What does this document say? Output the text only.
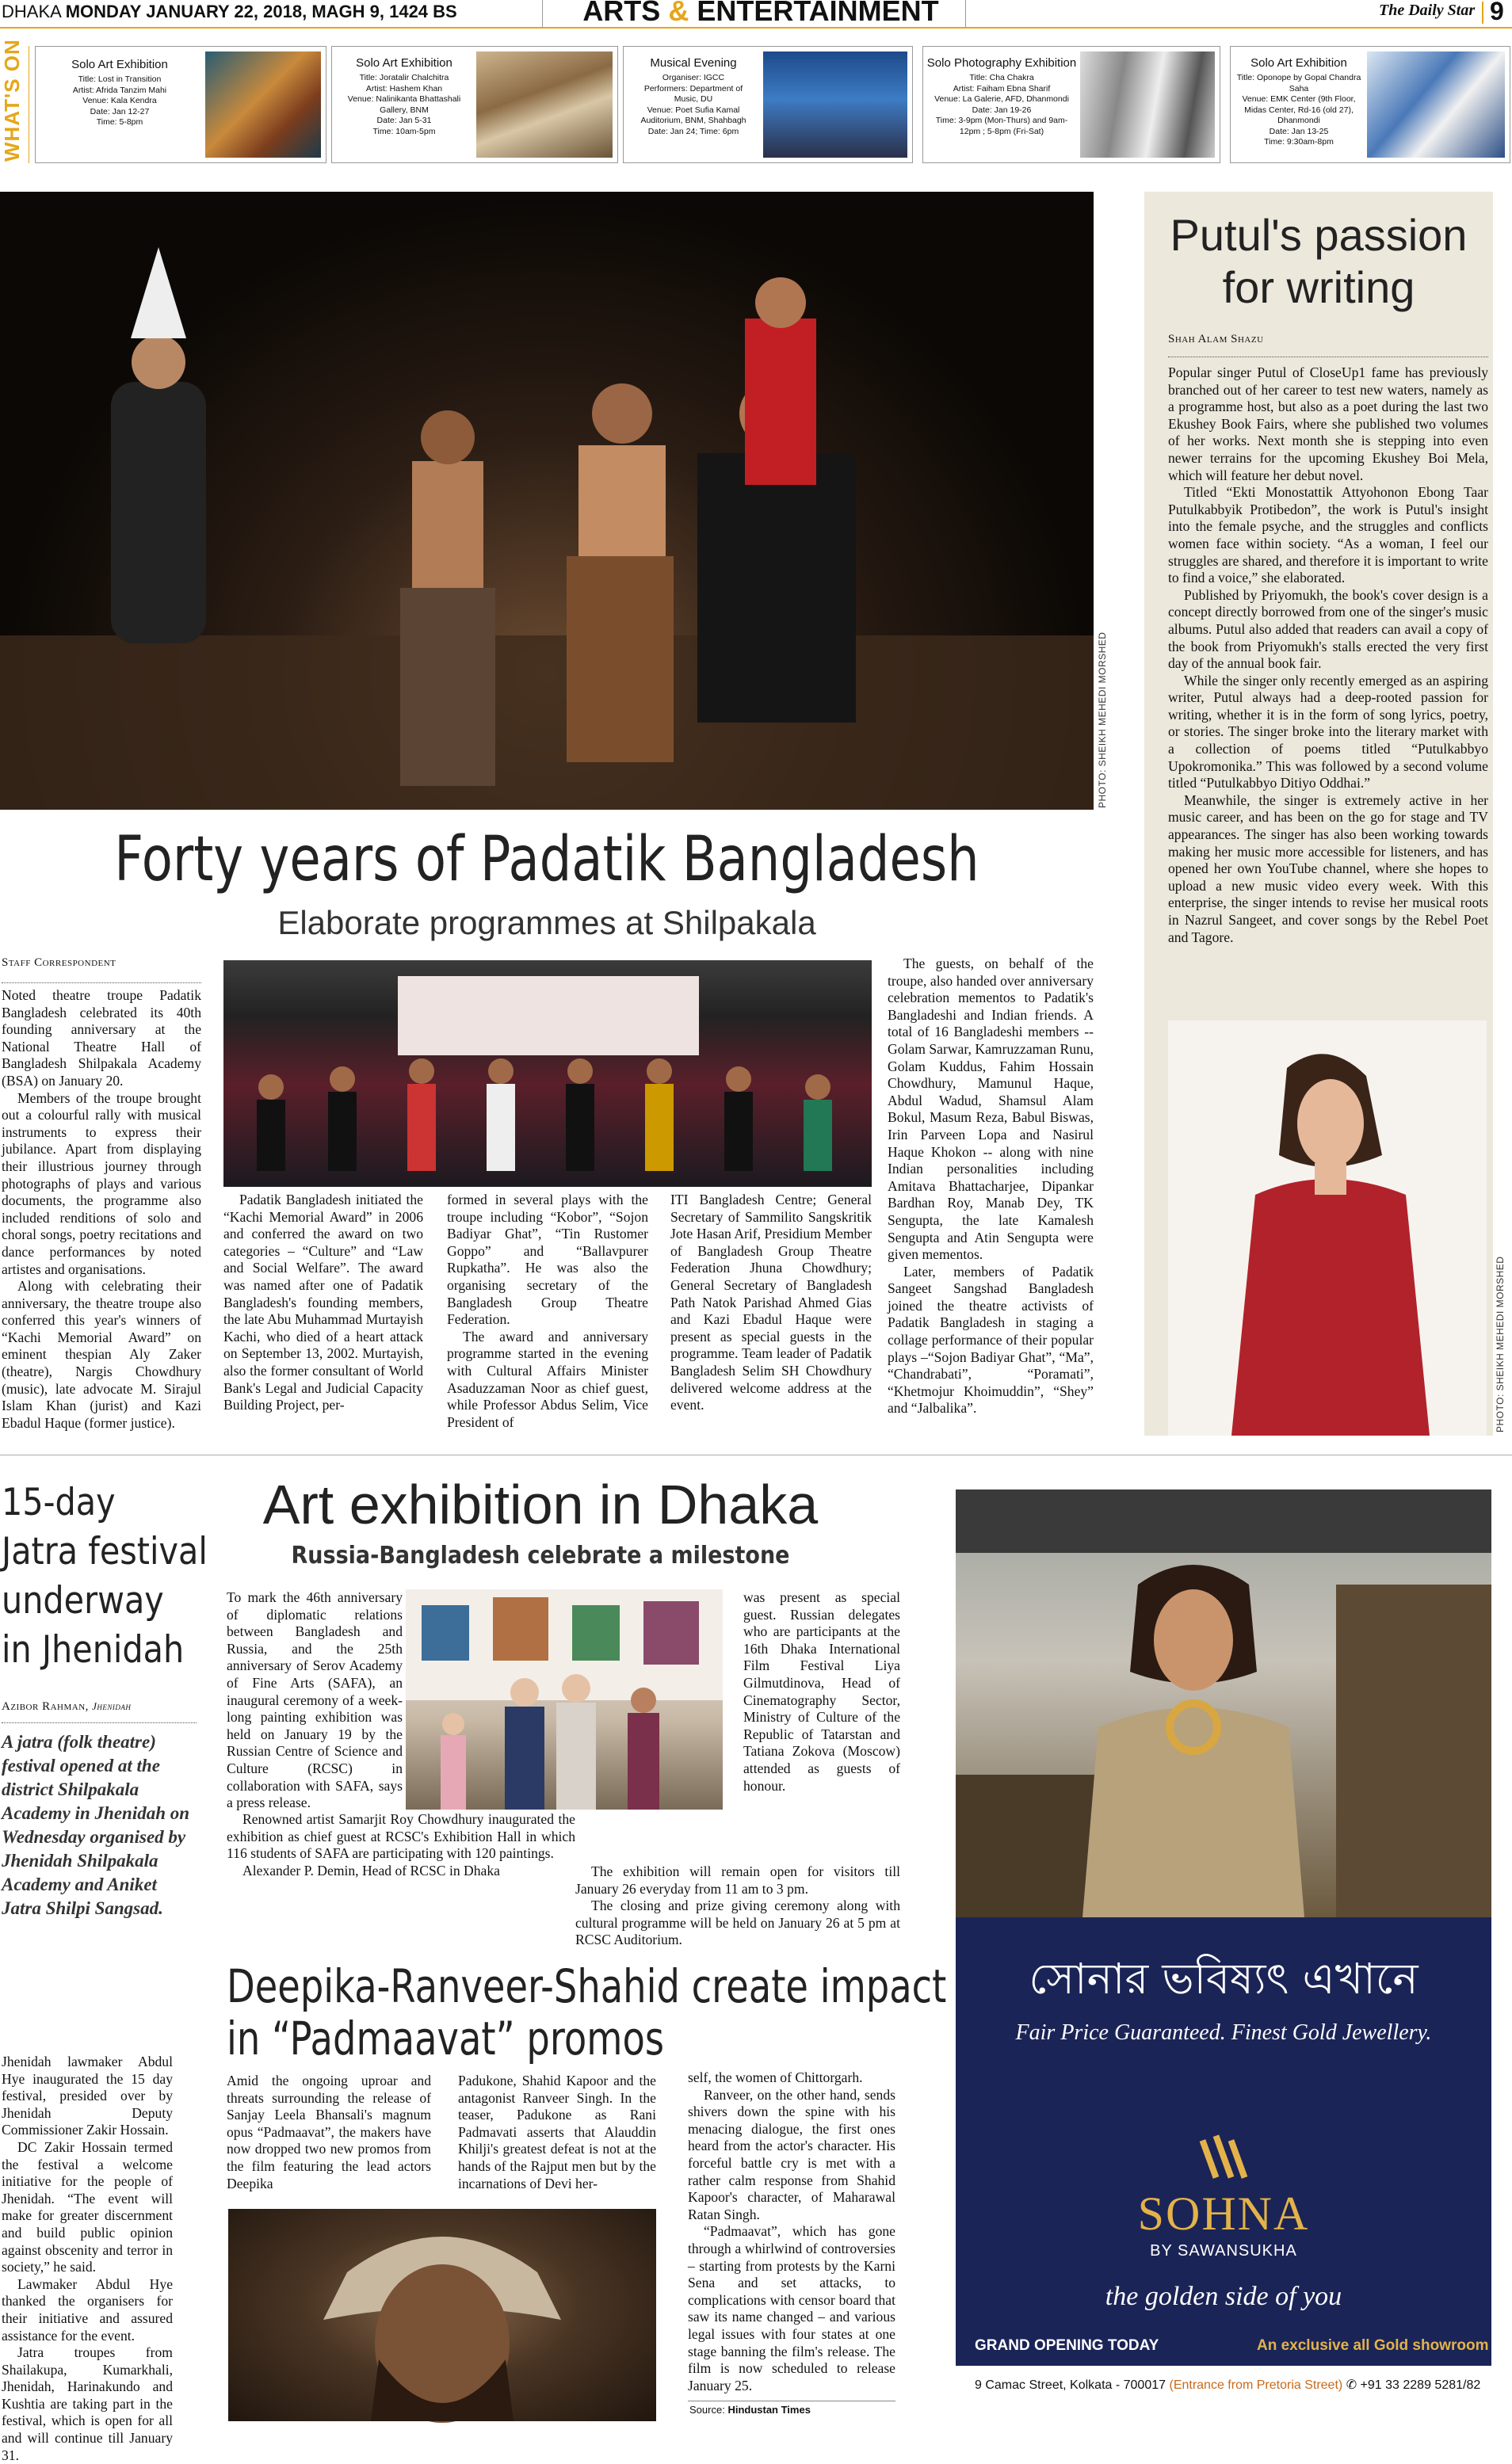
DHAKA MONDAY JANUARY 22, 2018, MAGH 9, 1424 BS	ARTS & ENTERTAINMENT	The Daily Star 9
WHAT'S ON	Solo Art Exhibition
Title: Lost in Transition
Artist: Afrida Tanzim Mahi
Venue: Kala Kendra
Date: Jan 12-27
Time: 5-8pm
Solo Art Exhibition
Title: Joratalir Chalchitra
Artist: Hashem Khan
Venue: Nalinikanta Bhattashali
Gallery, BNM
Date: Jan 5-31
Time: 10am-5pm
Musical Evening
Organiser: IGCC
Performers: Department of
Music, DU
Venue: Poet Sufia Kamal
Auditorium, BNM, Shahbagh
Date: Jan 24; Time: 6pm
Solo Photography Exhibition
Title: Cha Chakra
Artist: Faiham Ebna Sharif
Venue: La Galerie, AFD, Dhanmondi
Date: Jan 19-26
Time: 3-9pm (Mon-Thurs) and 9am-
12pm ; 5-8pm (Fri-Sat)
Solo Art Exhibition
Title: Oponope by Gopal Chandra Saha
Venue: EMK Center (9th Floor,
Midas Center, Rd-16 (old 27),
Dhanmondi
Date: Jan 13-25
Time: 9:30am-8pm
PHOTO: SHEIKH MEHEDI MORSHED
Forty years of Padatik Bangladesh
Elaborate programmes at Shilpakala
Staff Correspondent

Noted theatre troupe Padatik Bangladesh celebrated its 40th founding anniversary at the National Theatre Hall of Bangladesh Shilpakala Academy (BSA) on January 20.

Members of the troupe brought out a colourful rally with musical instruments to express their jubilance. Apart from displaying their illustrious journey through photographs of plays and various documents, the programme also included renditions of solo and choral songs, poetry recitations and dance performances by noted artistes and organisations.

Along with celebrating their anniversary, the theatre troupe also conferred this year's winners of “Kachi Memorial Award” on eminent thespian Aly Zaker (theatre), Nargis Chowdhury (music), late advocate M. Sirajul Islam Khan (jurist) and Kazi Ebadul Haque (former justice).

Padatik Bangladesh initiated the “Kachi Memorial Award” in 2006 and conferred the award on two categories – “Culture” and “Law and Social Welfare”. The award was named after one of Padatik Bangladesh's founding members, the late Abu Muhammad Murtayish Kachi, who died of a heart attack on September 13, 2002. Murtayish, also the former consultant of World Bank's Legal and Judicial Capacity Building Project, per-

formed in several plays with the troupe including “Kobor”, “Sojon Badiyar Ghat”, “Tin Rustomer Goppo” and “Ballavpurer Rupkatha”. He was also the organising secretary of the Bangladesh Group Theatre Federation.

The award and anniversary programme started in the evening with Cultural Affairs Minister Asaduzzaman Noor as chief guest, while Professor Abdus Selim, Vice President of

ITI Bangladesh Centre; General Secretary of Sammilito Sangskritik Jote Hasan Arif, Presidium Member of Bangladesh Group Theatre Federation Jhuna Chowdhury; General Secretary of Bangladesh Path Natok Parishad Ahmed Gias and Kazi Ebadul Haque were present as special guests in the programme. Team leader of Padatik Bangladesh Selim SH Chowdhury delivered welcome address at the event.

The guests, on behalf of the troupe, also handed over anniversary celebration mementos to Padatik's Bangladeshi and Indian friends. A total of 16 Bangladeshi members -- Golam Sarwar, Kamruzzaman Runu, Golam Kuddus, Fahim Hossain Chowdhury, Mamunul Haque, Abdul Wadud, Shamsul Alam Bokul, Masum Reza, Babul Biswas, Irin Parveen Lopa and Nasirul Haque Khokon -- along with nine Indian personalities including Amitava Bhattacharjee, Dipankar Bardhan Roy, Manab Dey, TK Sengupta, the late Kamalesh Sengupta and Atin Sengupta were given mementos.

Later, members of Padatik Sangeet Sangshad Bangladesh joined the theatre activists of Padatik Bangladesh in staging a collage performance of their popular plays –“Sojon Badiyar Ghat”, “Ma”, “Chandrabati”, “Poramati”, “Khetmojur Khoimuddin”, “Shey” and “Jalbalika”.

Putul's passion
for writing
Shah Alam Shazu

Popular singer Putul of CloseUp1 fame has previously branched out of her career to test new waters, namely as a programme host, but also as a poet during the last two Ekushey Book Fairs, where she published two volumes of her works. Next month she is stepping into even newer terrains for the upcoming Ekushey Boi Mela, which will feature her debut novel.

Titled “Ekti Monostattik Attyohonon Ebong Taar Putulkabbyik Protibedon”, the work is Putul's insight into the female psyche, and the struggles and conflicts women face within society. “As a woman, I feel our struggles are shared, and therefore it is important to write to find a voice,” she elaborated.

Published by Priyomukh, the book's cover design is a concept directly borrowed from one of the singer's music albums. Putul also added that readers can avail a copy of the book from Priyomukh's stalls erected the very first day of the annual book fair.

While the singer only recently emerged as an aspiring writer, Putul always had a deep-rooted passion for writing, whether it is in the form of song lyrics, poetry, or stories. The singer broke into the literary market with a collection of poems titled “Putulkabbyo Upokromonika.” This was followed by a second volume titled “Putulkabbyo Ditiyo Oddhai.”

Meanwhile, the singer is extremely active in her music career, and has been on the go for stage and TV appearances. The singer has also been working towards making her music more accessible for listeners, and has opened her own YouTube channel, where she hopes to upload a new music video every week. With this enterprise, the singer intends to revise her musical roots in Nazrul Sangeet, and cover songs by the Rebel Poet and Tagore.

PHOTO: SHEIKH MEHEDI MORSHED
15-day
Jatra festival
underway
in Jhenidah
Azibor Rahman, Jhenidah
A jatra (folk theatre) festival opened at the district Shilpakala Academy in Jhenidah on Wednesday organised by Jhenidah Shilpakala Academy and Aniket Jatra Shilpi Sangsad.

Jhenidah lawmaker Abdul Hye inaugurated the 15 day festival, presided over by Jhenidah Deputy Commissioner Zakir Hossain.

DC Zakir Hossain termed the festival a welcome initiative for the people of Jhenidah. “The event will make for greater discernment and build public opinion against obscenity and terror in society,” he said.

Lawmaker Abdul Hye thanked the organisers for their initiative and assured assistance for the event.

Jatra troupes from Shailakupa, Kumarkhali, Jhenidah, Harinakundo and Kushtia are taking part in the festival, which is open for all and will continue till January 31.

Art exhibition in Dhaka
Russia-Bangladesh celebrate a milestone

To mark the 46th anniversary of diplomatic relations between Bangladesh and Russia, and the 25th anniversary of Serov Academy of Fine Arts (SAFA), an inaugural ceremony of a week-long painting exhibition was held on January 19 by the Russian Centre of Science and Culture (RCSC) in collaboration with SAFA, says a press release.

Renowned artist Samarjit Roy Chowdhury inaugurated the exhibition as chief guest at RCSC's Exhibition Hall in which 116 students of SAFA are participating with 120 paintings.

Alexander P. Demin, Head of RCSC in Dhaka

was present as special guest. Russian delegates who are participants at the 16th Dhaka International Film Festival Liya Gilmutdinova, Head of Cinematography Sector, Ministry of Culture of the Republic of Tatarstan and Tatiana Zokova (Moscow) attended as guests of honour.

The exhibition will remain open for visitors till January 26 everyday from 11 am to 3 pm.

The closing and prize giving ceremony along with cultural programme will be held on January 26 at 5 pm at RCSC Auditorium.

Deepika-Ranveer-Shahid create impact
in “Padmaavat” promos

Amid the ongoing uproar and threats surrounding the release of Sanjay Leela Bhansali's magnum opus “Padmaavat”, the makers have now dropped two new promos from the film featuring the lead actors Deepika

Padukone, Shahid Kapoor and the antagonist Ranveer Singh. In the teaser, Padukone as Rani Padmavati asserts that Alauddin Khilji's greatest defeat is not at the hands of the Rajput men but by the incarnations of Devi her-

self, the women of Chittorgarh.

Ranveer, on the other hand, sends shivers down the spine with his menacing dialogue, the first ones heard from the actor's character. His forceful battle cry is met with a rather calm response from Shahid Kapoor's character, of Maharawal Ratan Singh.

“Padmaavat”, which has gone through a whirlwind of controversies – starting from protests by the Karni Sena and set attacks, to complications with censor board that saw its name changed – and various legal issues with four states at one stage banning the film's release. The film is now scheduled to release January 25.

Source: Hindustan Times
সোনার ভবিষ্যৎ এখানে
Fair Price Guaranteed. Finest Gold Jewellery.
SOHNA
BY SAWANSUKHA
the golden side of you
GRAND OPENING TODAY	An exclusive all Gold showroom
9 Camac Street, Kolkata - 700017 (Entrance from Pretoria Street) ✆ +91 33 2289 5281/82
